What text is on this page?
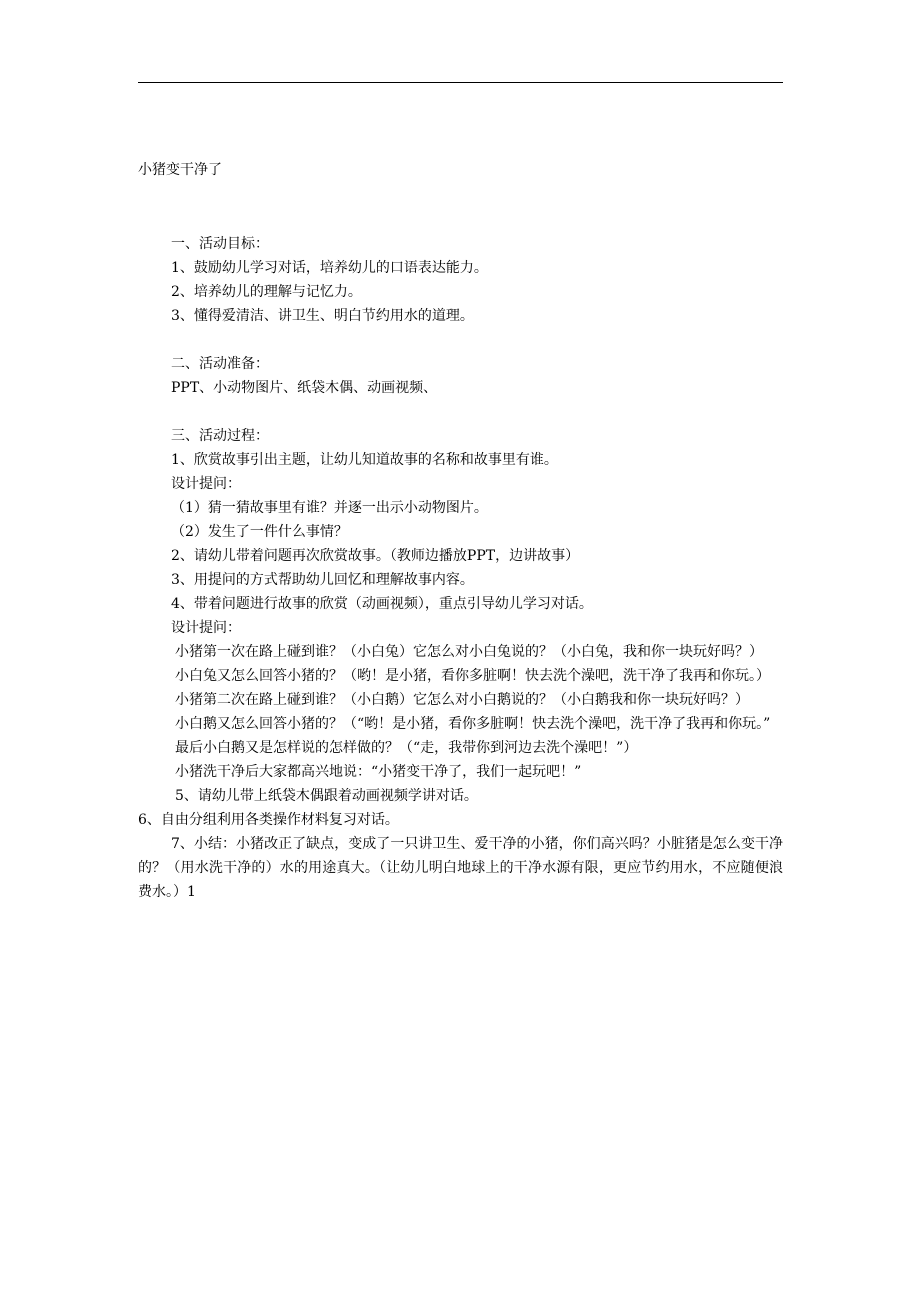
小猪变干净了
一、活动目标：
1、鼓励幼儿学习对话，培养幼儿的口语表达能力。
2、培养幼儿的理解与记忆力。
3、懂得爱清洁、讲卫生、明白节约用水的道理。
二、活动准备：
PPT、小动物图片、纸袋木偶、动画视频、
三、活动过程：
1、欣赏故事引出主题，让幼儿知道故事的名称和故事里有谁。
设计提问：
（1）猜一猜故事里有谁？并逐一出示小动物图片。
（2）发生了一件什么事情？
2、请幼儿带着问题再次欣赏故事。（教师边播放PPT，边讲故事）
3、用提问的方式帮助幼儿回忆和理解故事内容。
4、带着问题进行故事的欣赏（动画视频），重点引导幼儿学习对话。
设计提问：
小猪第一次在路上碰到谁？（小白兔）它怎么对小白兔说的？（小白兔，我和你一块玩好吗？）
小白兔又怎么回答小猪的？（哟！是小猪，看你多脏啊！快去洗个澡吧，洗干净了我再和你玩。）
小猪第二次在路上碰到谁？（小白鹅）它怎么对小白鹅说的？（小白鹅我和你一块玩好吗？）
小白鹅又怎么回答小猪的？（“哟！是小猪，看你多脏啊！快去洗个澡吧，洗干净了我再和你玩。”
最后小白鹅又是怎样说的怎样做的？（“走，我带你到河边去洗个澡吧！”）
小猪洗干净后大家都高兴地说：“小猪变干净了，我们一起玩吧！”
5、请幼儿带上纸袋木偶跟着动画视频学讲对话。
6、自由分组利用各类操作材料复习对话。
7、小结：小猪改正了缺点，变成了一只讲卫生、爱干净的小猪，你们高兴吗？小脏猪是怎么变干净的？（用水洗干净的）水的用途真大。（让幼儿明白地球上的干净水源有限，更应节约用水，不应随便浪费水。）1
